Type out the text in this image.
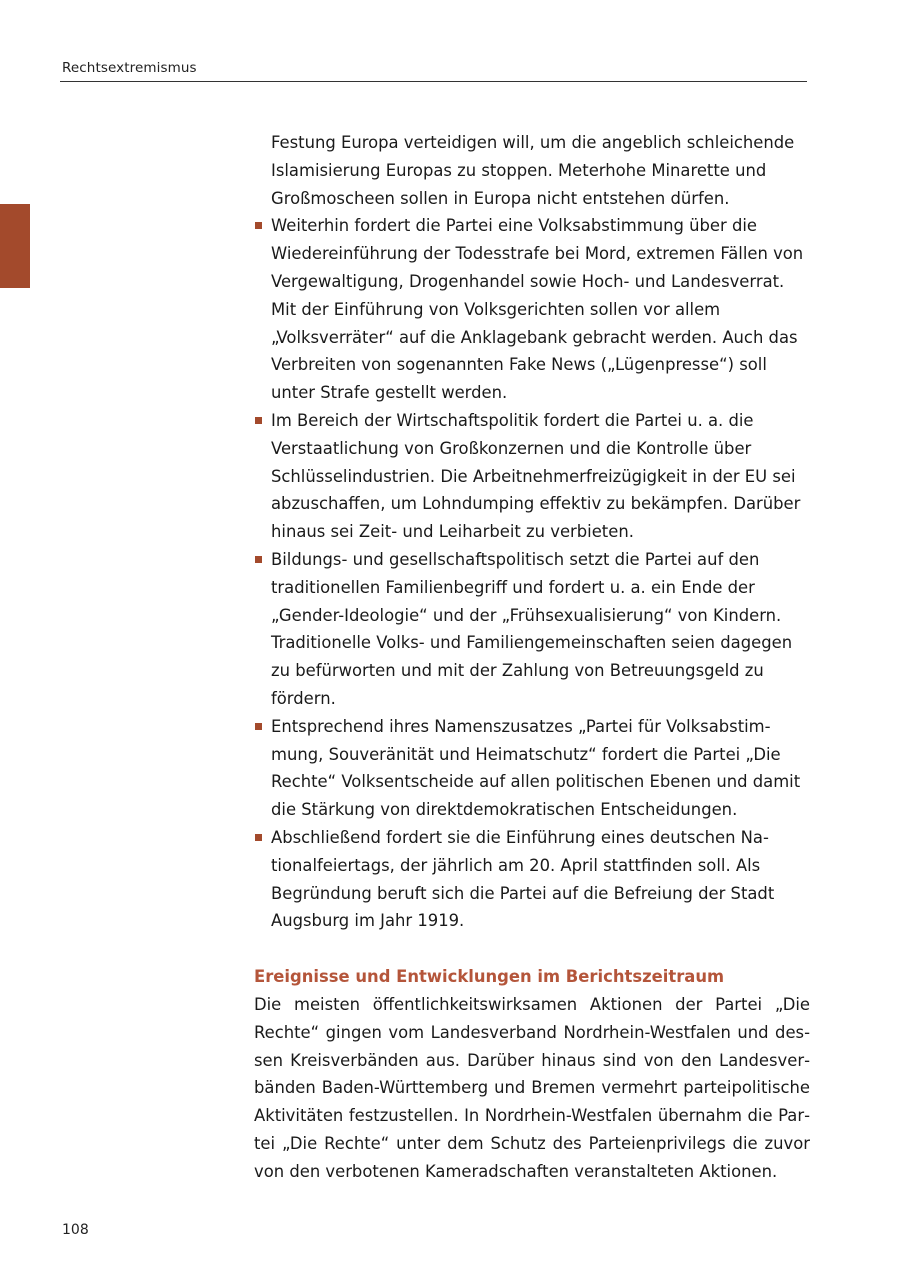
Rechtsextremismus

Festung Europa verteidigen will, um die angeblich schleichende Islamisierung Europas zu stoppen. Meterhohe Minarette und Großmoscheen sollen in Europa nicht entstehen dürfen.

Weiterhin fordert die Partei eine Volksabstimmung über die Wiedereinführung der Todesstrafe bei Mord, extremen Fällen von Vergewaltigung, Drogenhandel sowie Hoch- und Landesverrat. Mit der Einführung von Volksgerichten sollen vor allem „Volksverräter“ auf die Anklagebank gebracht werden. Auch das Verbreiten von sogenannten Fake News („Lügenpresse“) soll unter Strafe gestellt werden.
Im Bereich der Wirtschaftspolitik fordert die Partei u. a. die Verstaatlichung von Großkonzernen und die Kontrolle über Schlüsselindustrien. Die Arbeitnehmerfreizügigkeit in der EU sei abzuschaffen, um Lohndumping effektiv zu bekämpfen. Darüber hinaus sei Zeit- und Leiharbeit zu verbieten.
Bildungs- und gesellschaftspolitisch setzt die Partei auf den traditionellen Familienbegriff und fordert u. a. ein Ende der „Gender-Ideologie“ und der „Frühsexualisierung“ von Kindern. Traditionelle Volks- und Familiengemeinschaften seien dagegen zu befürworten und mit der Zahlung von Betreuungsgeld zu fördern.
Entsprechend ihres Namenszusatzes „Partei für Volksabstimmung, Souveränität und Heimatschutz“ fordert die Partei „Die Rechte“ Volksentscheide auf allen politischen Ebenen und damit die Stärkung von direktdemokratischen Entscheidungen.
Abschließend fordert sie die Einführung eines deutschen Nationalfeiertags, der jährlich am 20. April stattfinden soll. Als Begründung beruft sich die Partei auf die Befreiung der Stadt Augsburg im Jahr 1919.
Ereignisse und Entwicklungen im Berichtszeitraum

Die meisten öffentlichkeitswirksamen Aktionen der Partei „Die Rechte“ gingen vom Landesverband Nordrhein-Westfalen und dessen Kreisverbänden aus. Darüber hinaus sind von den Landesverbänden Baden-Württemberg und Bremen vermehrt parteipolitische Aktivitäten festzustellen. In Nordrhein-Westfalen übernahm die Partei „Die Rechte“ unter dem Schutz des Parteienprivilegs die zuvor von den verbotenen Kameradschaften veranstalteten Aktionen.

108
